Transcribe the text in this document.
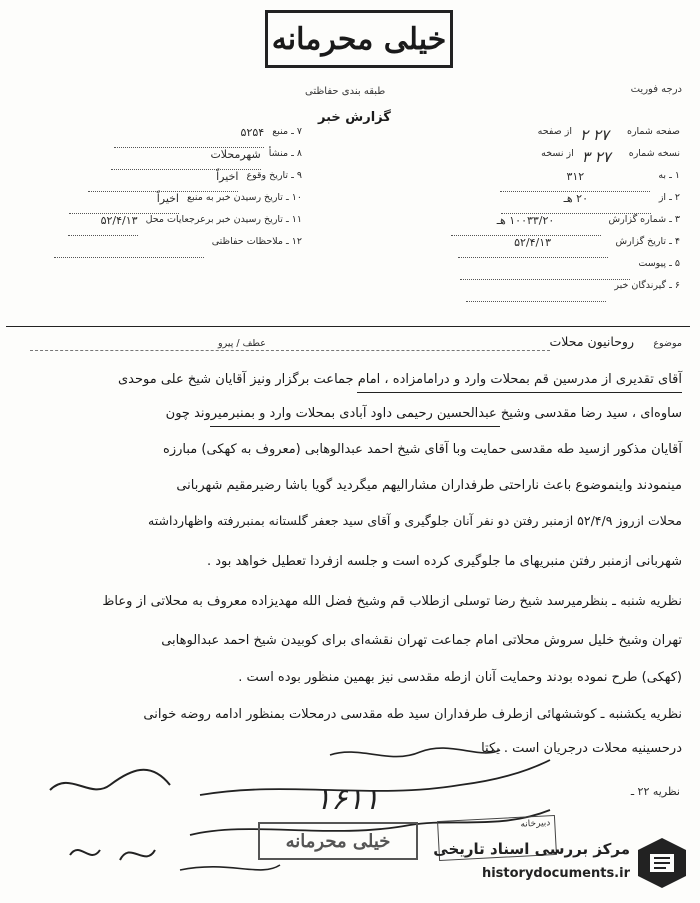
خیلی محرمانه
درجه فوریت
طبقه بندی حفاظتی
گزارش خبر
صفحه شماره
۲۷ ۲
از صفحه
نسخه شماره
۲۷ ۳
از نسخه
۱ ـ به
۳۱۲
۲ ـ از
۲۰ هـ
۳ ـ شماره گزارش
۱۰۰۳۳/۲۰ هـ
۴ ـ تاریخ گزارش
۵۲/۴/۱۳
۵ ـ پیوست
۶ ـ گیرندگان خبر
۷ ـ منبع
۵۲۵۴
۸ ـ منشأ
شهرمحلات
۹ ـ تاریخ وقوع
اخیراً
۱۰ ـ تاریخ رسیدن خبر به منبع
اخیراً
۱۱ ـ تاریخ رسیدن خبر برعرجعایات محل
۵۲/۴/۱۳
۱۲ ـ ملاحظات حفاظتی
موضوع
روحانیون محلات
عطف / پیرو
آقای تقدیری از مدرسین قم بمحلات وارد و درامامزاده ، امام جماعت برگزار ونیز آقایان شیخ علی موحدی
ساوه‌ای ، سید رضا مقدسی وشیخ عبدالحسین رحیمی داود آبادی بمحلات وارد و بمنبرمیروند چون
آقایان مذکور ازسید طه مقدسی حمایت وبا آقای شیخ احمد عبدالوهابی (معروف به کهکی) مبارزه
مینمودند واینموضوع باعث ناراحتی طرفداران مشارالیهم میگردید گویا باشا رضیرمقیم شهربانی
محلات ازروز ۵۲/۴/۹ ازمنبر رفتن دو نفر آنان جلوگیری و آقای سید جعفر گلستانه بمنبررفته واظهارداشته
شهربانی ازمنبر رفتن منبریهای ما جلوگیری کرده است و جلسه ازفردا تعطیل خواهد بود .
نظریه شنبه ـ بنظرمیرسد شیخ رضا توسلی ازطلاب قم وشیخ فضل الله مهدیزاده معروف به محلاتی از وعاظ
تهران وشیخ خلیل سروش محلاتی امام جماعت تهران نقشه‌ای برای کوبیدن شیخ احمد عبدالوهابی
(کهکی) طرح نموده بودند وحمایت آنان ازطه مقدسی نیز بهمین منظور بوده است .
نظریه یکشنبه ـ کوششهائی ازطرف طرفداران سید طه مقدسی درمحلات بمنظور ادامه روضه خوانی
درحسینیه محلات درجریان است . یکتا
نظریه ۲۲ ـ
۱۶۱۱
دبیرخانه
خیلی محرمانه	مرکز بررسی اسناد تاریخی
historydocuments.ir
